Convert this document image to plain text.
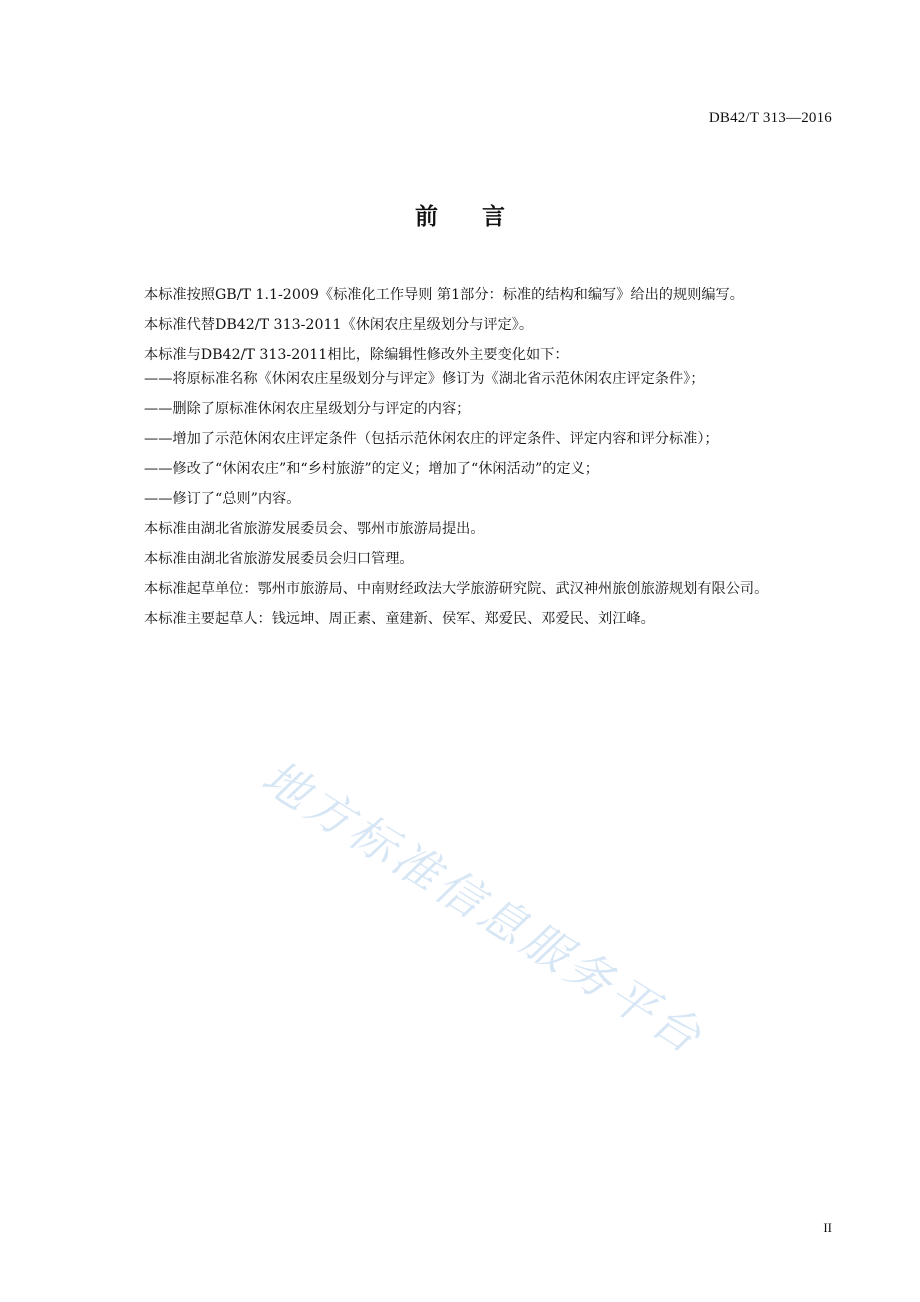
DB42/T 313—2016
前言

本标准按照GB/T 1.1-2009《标准化工作导则 第1部分：标准的结构和编写》给出的规则编写。

本标准代替DB42/T 313-2011《休闲农庄星级划分与评定》。

本标准与DB42/T 313-2011相比，除编辑性修改外主要变化如下：

——将原标准名称《休闲农庄星级划分与评定》修订为《湖北省示范休闲农庄评定条件》；

——删除了原标准休闲农庄星级划分与评定的内容；

——增加了示范休闲农庄评定条件（包括示范休闲农庄的评定条件、评定内容和评分标准）；

——修改了“休闲农庄”和“乡村旅游”的定义；增加了“休闲活动”的定义；

——修订了“总则”内容。

本标准由湖北省旅游发展委员会、鄂州市旅游局提出。

本标准由湖北省旅游发展委员会归口管理。

本标准起草单位：鄂州市旅游局、中南财经政法大学旅游研究院、武汉神州旅创旅游规划有限公司。

本标准主要起草人：钱远坤、周正素、童建新、侯军、郑爱民、邓爱民、刘江峰。

地方标准信息服务平台
II
